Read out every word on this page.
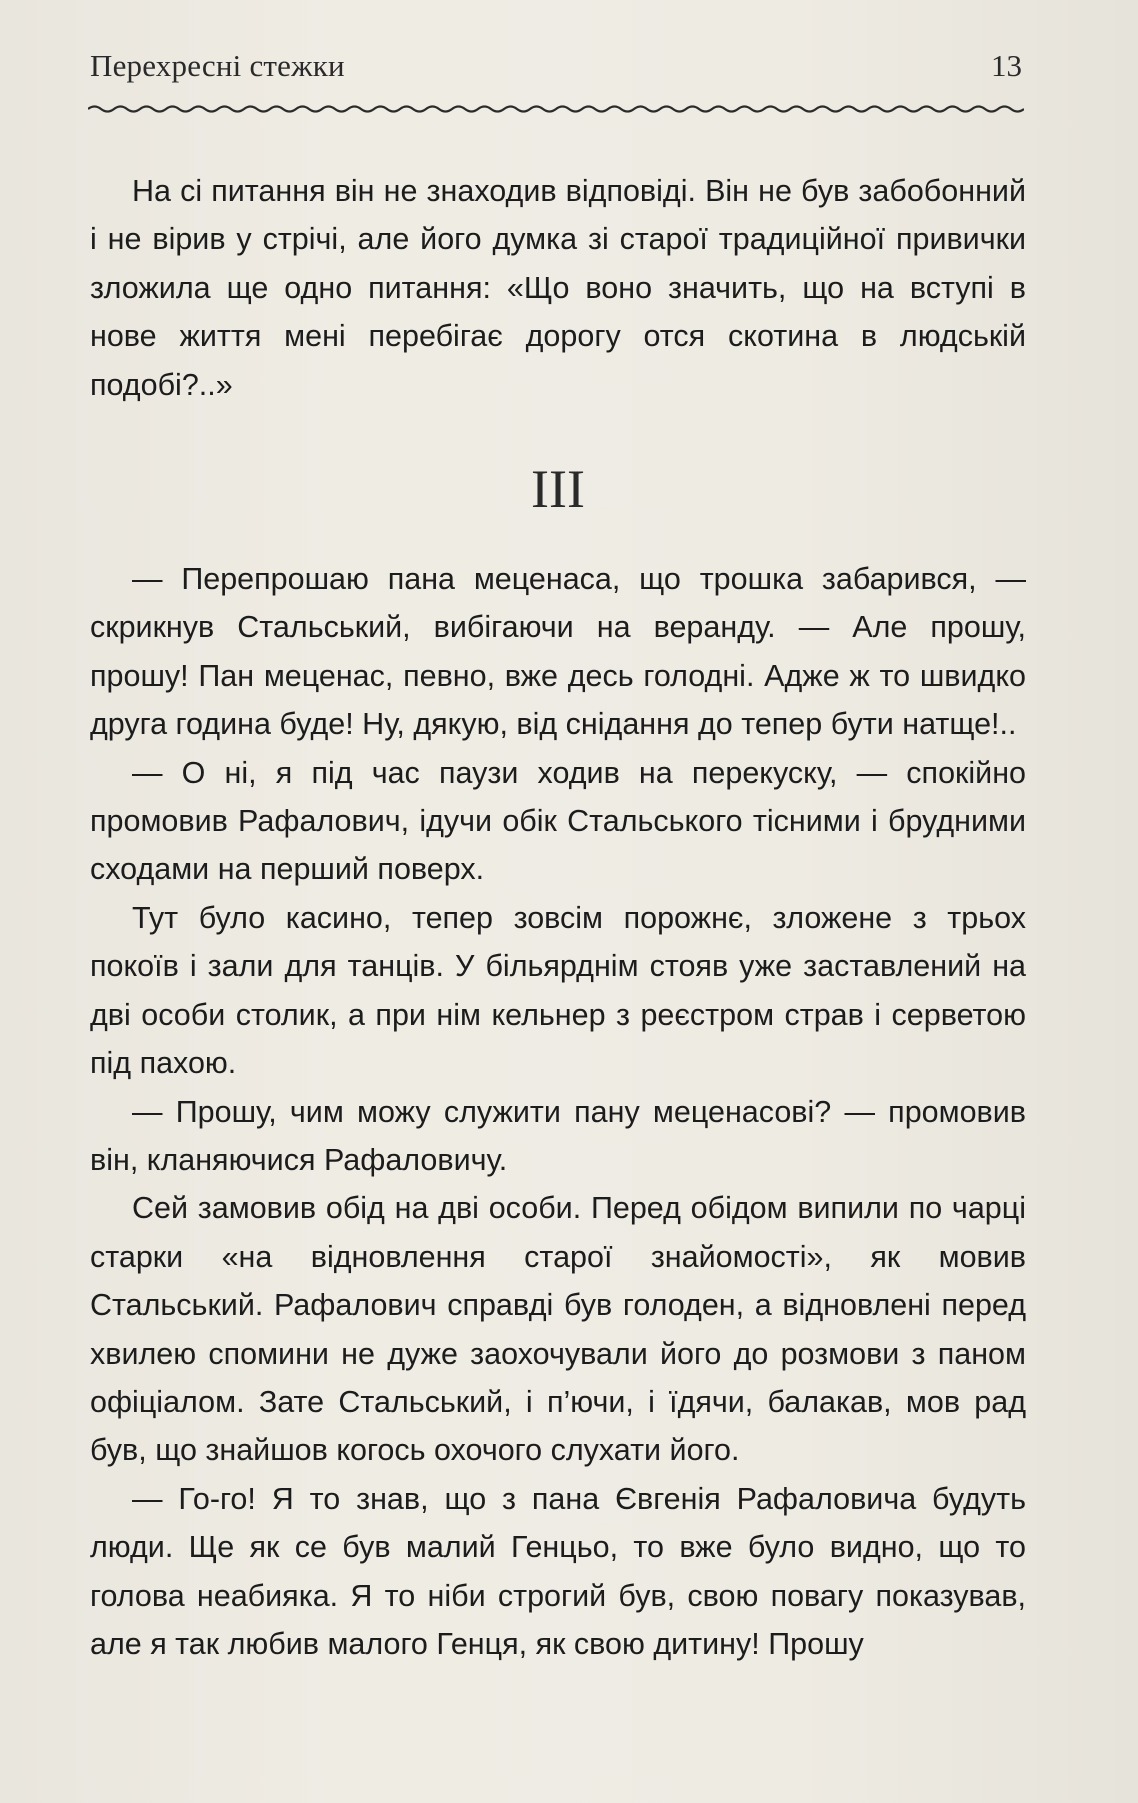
Перехресні стежки	13

На сі питання він не знаходив відповіді. Він не був забобонний і не вірив у стрічі, але його думка зі старої традиційної привички зложила ще одно питання: «Що воно значить, що на вступі в нове життя мені перебігає дорогу отся скотина в людській подобі?..»

III

— Перепрошаю пана меценаса, що трошка забарився, — скрикнув Стальський, вибігаючи на веранду. — Але прошу, прошу! Пан меценас, певно, вже десь голодні. Адже ж то швидко друга година буде! Ну, дякую, від снідання до тепер бути натще!..

— О ні, я під час паузи ходив на перекуску, — спокійно промовив Рафалович, ідучи обік Стальського тісними і брудними сходами на перший поверх.

Тут було касино, тепер зовсім порожнє, зложене з трьох покоїв і зали для танців. У більярднім стояв уже заставлений на дві особи столик, а при нім кельнер з реєстром страв і серветою під пахою.

— Прошу, чим можу служити пану меценасові? — промовив він, кланяючися Рафаловичу.

Сей замовив обід на дві особи. Перед обідом випили по чарці старки «на відновлення старої знайомості», як мовив Стальський. Рафалович справді був голоден, а відновлені перед хвилею спомини не дуже заохочували його до розмови з паном офіціалом. Зате Стальський, і п’ючи, і їдячи, балакав, мов рад був, що знайшов когось охочого слухати його.

— Го-го! Я то знав, що з пана Євгенія Рафаловича будуть люди. Ще як се був малий Генцьо, то вже було видно, що то голова неабияка. Я то ніби строгий був, свою повагу показував, але я так любив малого Генця, як свою дитину! Прошу
